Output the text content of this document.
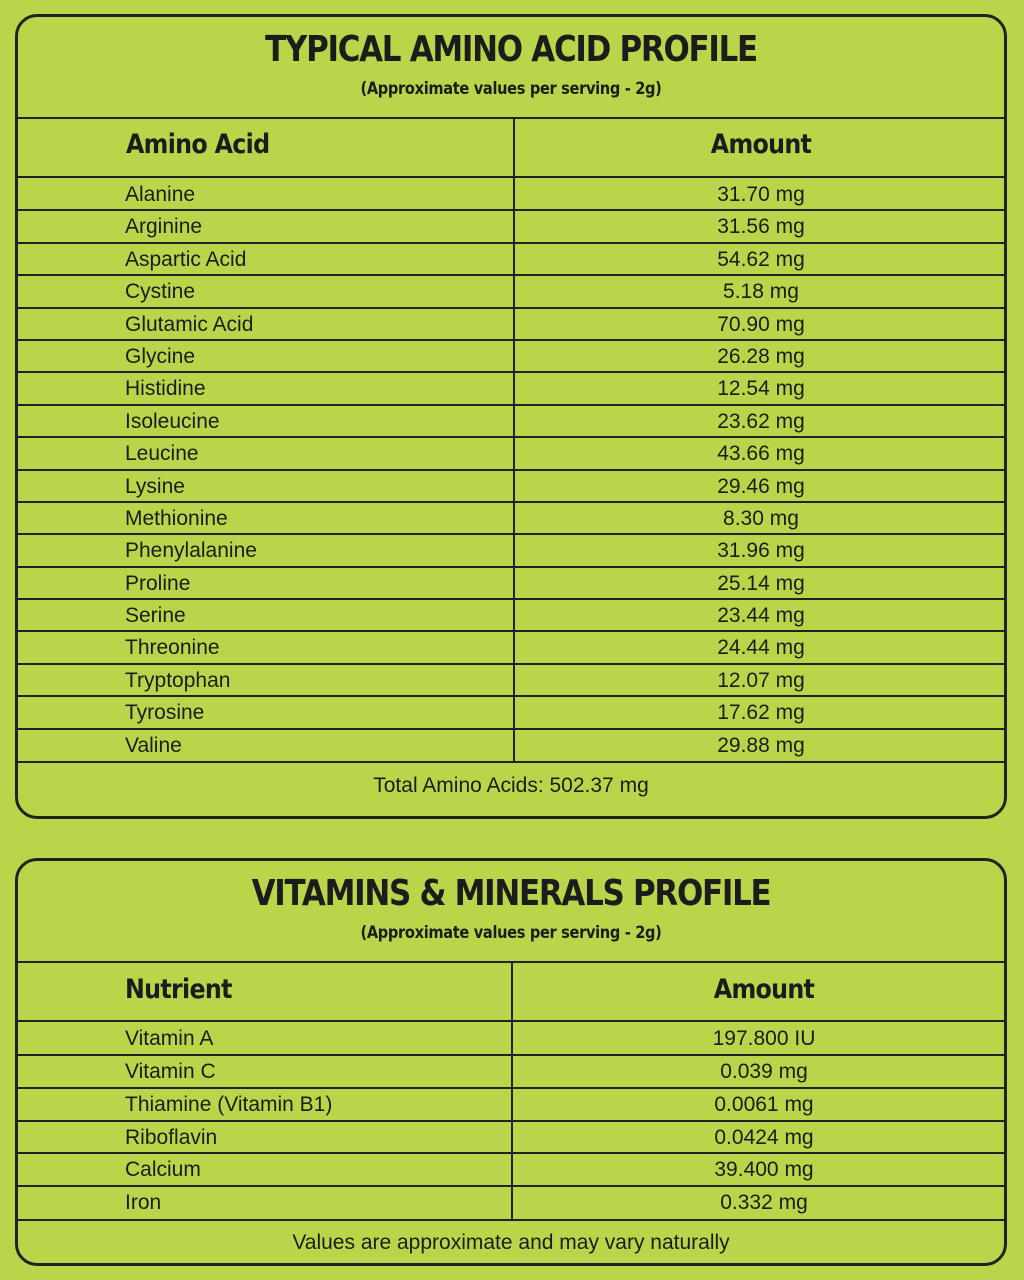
TYPICAL AMINO ACID PROFILE
(Approximate values per serving - 2g)
Amino Acid	Amount
Alanine	31.70 mg
Arginine	31.56 mg
Aspartic Acid	54.62 mg
Cystine	5.18 mg
Glutamic Acid	70.90 mg
Glycine	26.28 mg
Histidine	12.54 mg
Isoleucine	23.62 mg
Leucine	43.66 mg
Lysine	29.46 mg
Methionine	8.30 mg
Phenylalanine	31.96 mg
Proline	25.14 mg
Serine	23.44 mg
Threonine	24.44 mg
Tryptophan	12.07 mg
Tyrosine	17.62 mg
Valine	29.88 mg
Total Amino Acids: 502.37 mg
VITAMINS & MINERALS PROFILE
(Approximate values per serving - 2g)
Nutrient	Amount
Vitamin A	197.800 IU
Vitamin C	0.039 mg
Thiamine (Vitamin B1)	0.0061 mg
Riboflavin	0.0424 mg
Calcium	39.400 mg
Iron	0.332 mg
Values are approximate and may vary naturally
